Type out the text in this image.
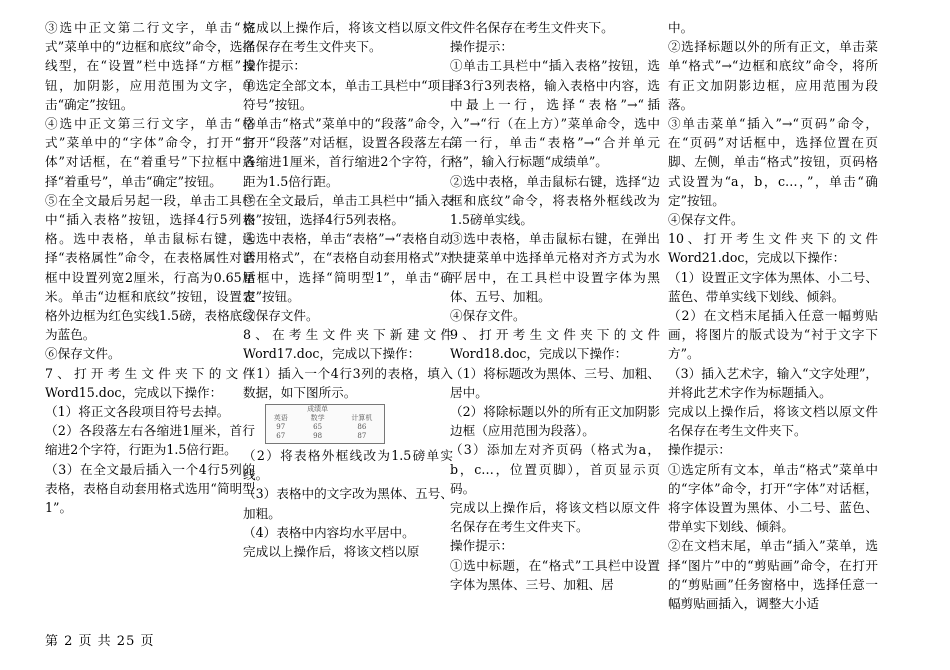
③选中正文第二行文字，单击“格式”菜单中的“边框和底纹”命令，选择线型，在“设置”栏中选择“方框”按钮，加阴影，应用范围为文字，单击“确定”按钮。

④选中正文第三行文字，单击“格式”菜单中的“字体”命令，打开“字体”对话框，在“着重号”下拉框中选择“着重号”，单击“确定”按钮。

⑤在全文最后另起一段，单击工具栏中“插入表格”按钮，选择4行5列表格。选中表格，单击鼠标右键，选择“表格属性”命令，在表格属性对话框中设置列宽2厘米，行高为0.65厘米。单击“边框和底纹”按钮，设置表格外边框为红色实线1.5磅，表格底纹为蓝色。

⑥保存文件。

7、打开考生文件夹下的文件Word15.doc，完成以下操作：

（1）将正文各段项目符号去掉。

（2）各段落左右各缩进1厘米，首行缩进2个字符，行距为1.5倍行距。

（3）在全文最后插入一个4行5列的表格，表格自动套用格式选用“简明型1”。

完成以上操作后，将该文档以原文件名保存在考生文件夹下。

操作提示：

①选定全部文本，单击工具栏中“项目符号”按钮。

②单击“格式”菜单中的“段落”命令，打开“段落”对话框，设置各段落左右各缩进1厘米，首行缩进2个字符，行距为1.5倍行距。

③在全文最后，单击工具栏中“插入表格”按钮，选择4行5列表格。

④选中表格，单击“表格”→“表格自动套用格式”，在“表格自动套用格式”对话框中，选择“简明型1”，单击“确定”按钮。

⑤保存文件。

8、在考生文件夹下新建文件Word17.doc，完成以下操作：

（1）插入一个4行3列的表格，填入数据，如下图所示。

	成绩单	
英语	数学	计算机
97	65	86
67	98	87

（2）将表格外框线改为1.5磅单实线。

（3）表格中的文字改为黑体、五号、加粗。

（4）表格中内容均水平居中。

完成以上操作后，将该文档以原

文件名保存在考生文件夹下。

操作提示：

①单击工具栏中“插入表格”按钮，选择3行3列表格，输入表格中内容，选中最上一行，选择“表格”→“插入”→“行（在上方）”菜单命令，选中第一行，单击“表格”→“合并单元格”，输入行标题“成绩单”。

②选中表格，单击鼠标右键，选择“边框和底纹”命令，将表格外框线改为1.5磅单实线。

③选中表格，单击鼠标右键，在弹出快捷菜单中选择单元格对齐方式为水平居中，在工具栏中设置字体为黑体、五号、加粗。

④保存文件。

9、打开考生文件夹下的文件Word18.doc，完成以下操作：

（1）将标题改为黑体、三号、加粗、居中。

（2）将除标题以外的所有正文加阴影边框（应用范围为段落）。

（3）添加左对齐页码（格式为a，b，c…，位置页脚），首页显示页码。

完成以上操作后，将该文档以原文件名保存在考生文件夹下。

操作提示：

①选中标题，在“格式”工具栏中设置字体为黑体、三号、加粗、居

中。

②选择标题以外的所有正文，单击菜单“格式”→“边框和底纹”命令，将所有正文加阴影边框，应用范围为段落。

③单击菜单“插入”→“页码”命令，在“页码”对话框中，选择位置在页脚、左侧，单击“格式”按钮，页码格式设置为“a，b，c…，”，单击“确定”按钮。

④保存文件。

10、打开考生文件夹下的文件Word21.doc，完成以下操作：

（1）设置正文字体为黑体、小二号、蓝色、带单实线下划线、倾斜。

（2）在文档末尾插入任意一幅剪贴画，将图片的版式设为“衬于文字下方”。

（3）插入艺术字，输入“文字处理”，并将此艺术字作为标题插入。

完成以上操作后，将该文档以原文件名保存在考生文件夹下。

操作提示：

①选定所有文本，单击“格式”菜单中的“字体”命令，打开“字体”对话框，将字体设置为黑体、小二号、蓝色、带单实下划线、倾斜。

②在文档末尾，单击“插入”菜单，选择“图片”中的“剪贴画”命令，在打开的“剪贴画”任务窗格中，选择任意一幅剪贴画插入，调整大小适

第 2 页 共 25 页
